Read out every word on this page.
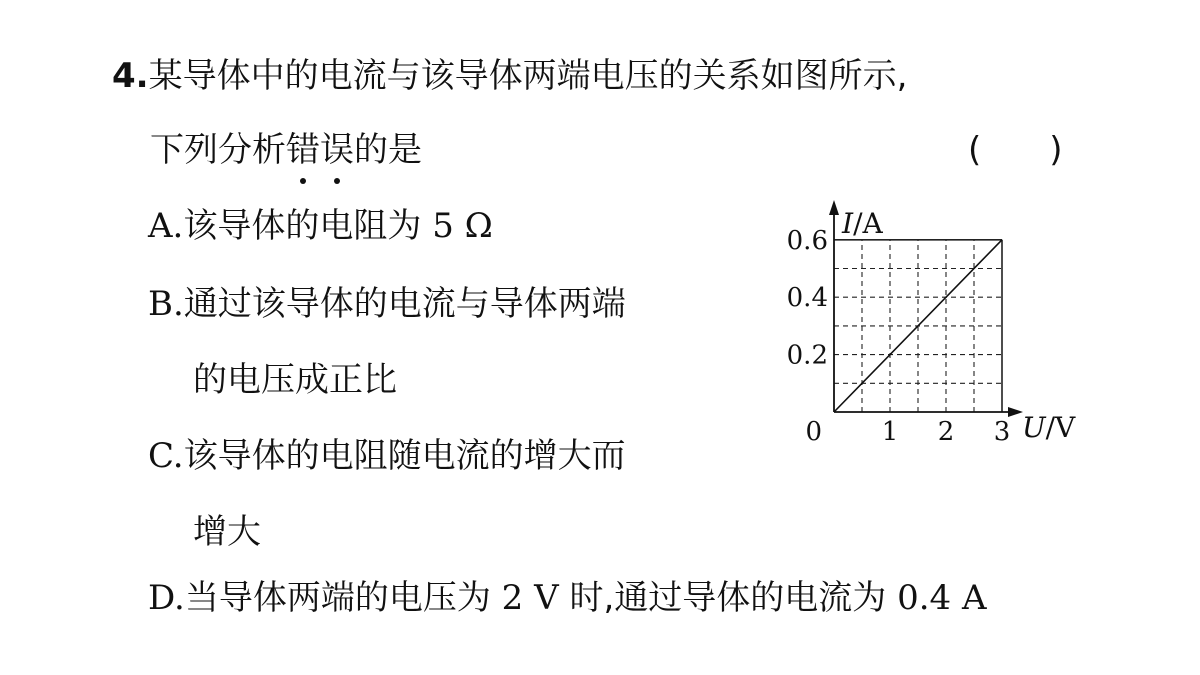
4.某导体中的电流与该导体两端电压的关系如图所示,
下列分析错
误
的是	(　　)
A.该导体的电阻为 5 Ω
B.通过该导体的电流与导体两端
的电压成正比
C.该导体的电阻随电流的增大而
增大
D.当导体两端的电压为 2 V 时,通过导体的电流为 0.4 A
1 2 3
0.2
0.4
0.6
0
I/A
U/V
